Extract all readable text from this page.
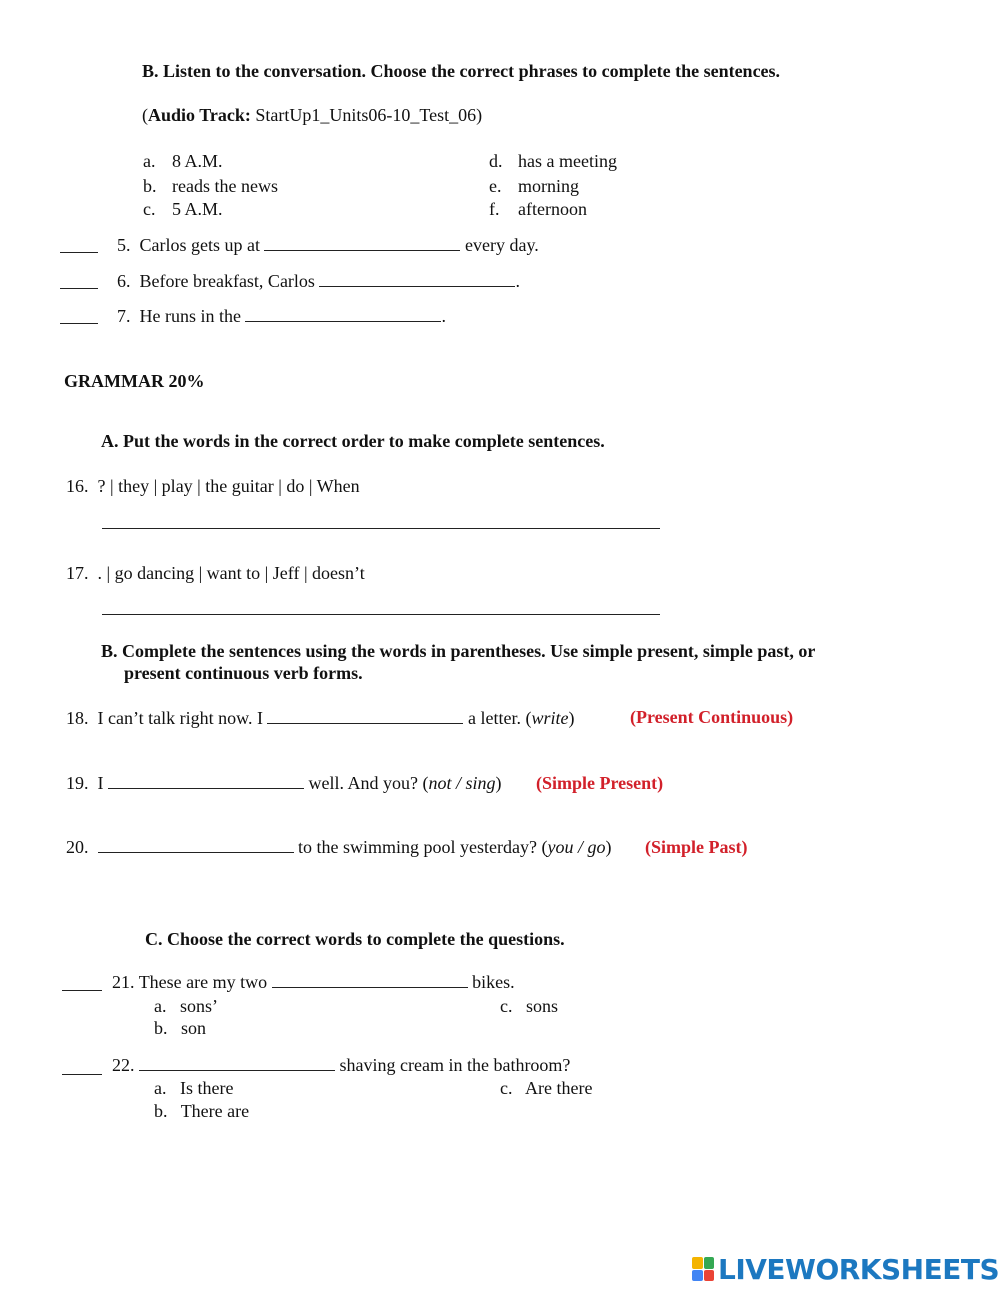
B. Listen to the conversation. Choose the correct phrases to complete the sentences.
(Audio Track: StartUp1_Units06-10_Test_06)
a. 8 A.M.
b. reads the news
c. 5 A.M.
d. has a meeting
e. morning
f. afternoon
5. Carlos gets up at	every day.
6. Before breakfast, Carlos	.
7. He runs in the	.
GRAMMAR 20%
A. Put the words in the correct order to make complete sentences.
16. ? | they | play | the guitar | do | When
17. . | go dancing | want to | Jeff | doesn’t
B. Complete the sentences using the words in parentheses. Use simple present, simple past, or
present continuous verb forms.
18. I can’t talk right now. I	a letter. (write)	(Present Continuous)
19. I	well. And you? (not / sing) (Simple Present)
20.	to the swimming pool yesterday? (you / go) (Simple Past)
C. Choose the correct words to complete the questions.
21. These are my two	bikes.
a.   sons’
b.   son
c.   sons
22.	shaving cream in the bathroom?
a.   Is there
b.   There are
c.   Are there
LIVEWORKSHEETS
